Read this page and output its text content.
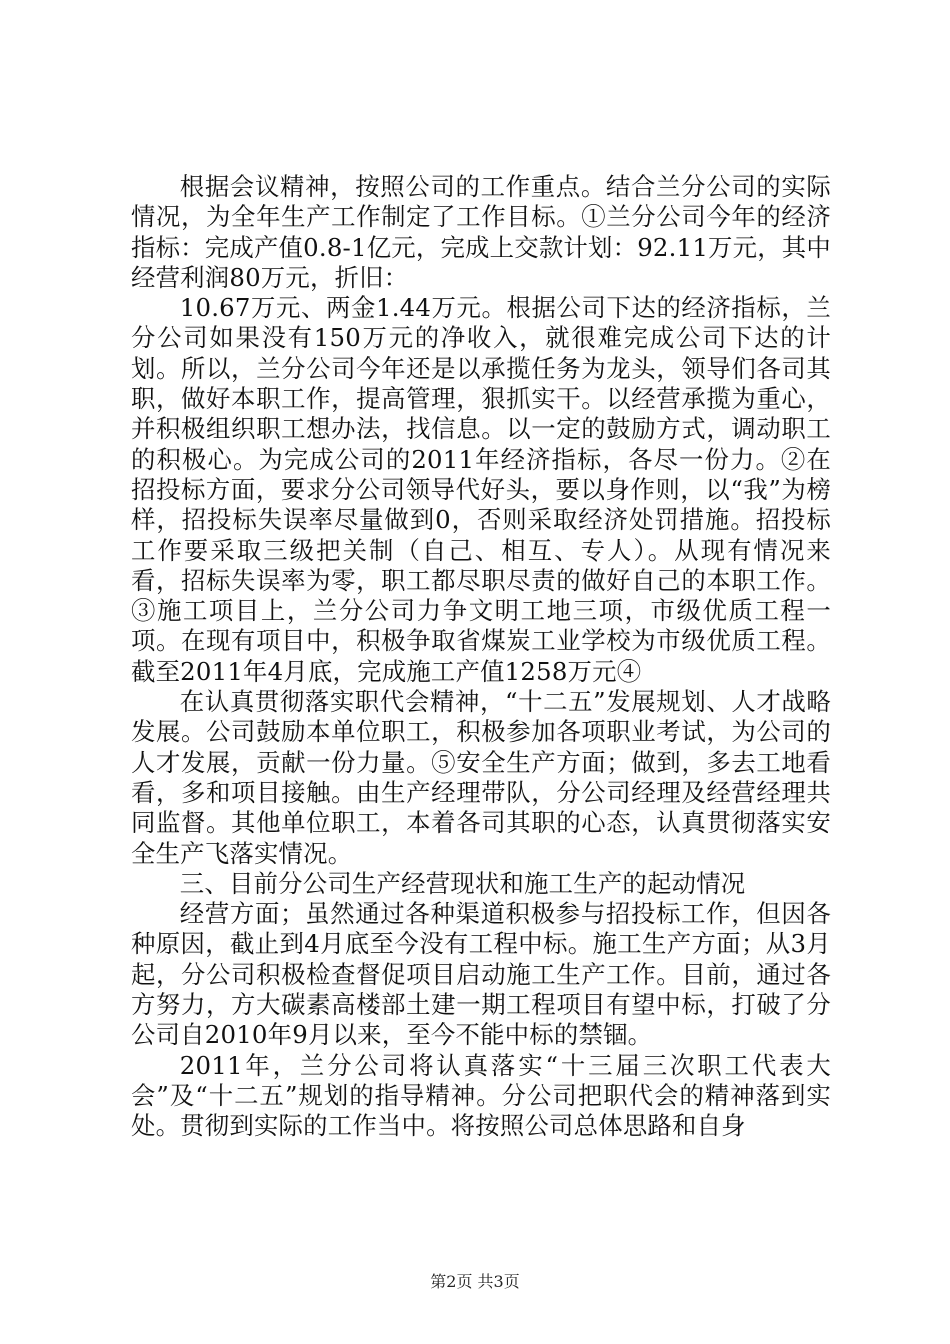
根据会议精神，按照公司的工作重点。结合兰分公司的实际情况，为全年生产工作制定了工作目标。①兰分公司今年的经济指标：完成产值0.8-1亿元，完成上交款计划：92.11万元，其中经营利润80万元，折旧：

10.67万元、两金1.44万元。根据公司下达的经济指标，兰分公司如果没有150万元的净收入，就很难完成公司下达的计划。所以，兰分公司今年还是以承揽任务为龙头，领导们各司其职，做好本职工作，提高管理，狠抓实干。以经营承揽为重心，并积极组织职工想办法，找信息。以一定的鼓励方式，调动职工的积极心。为完成公司的2011年经济指标，各尽一份力。②在招投标方面，要求分公司领导代好头，要以身作则，以“我”为榜样，招投标失误率尽量做到0，否则采取经济处罚措施。招投标工作要采取三级把关制（自己、相互、专人）。从现有情况来看，招标失误率为零，职工都尽职尽责的做好自己的本职工作。③施工项目上，兰分公司力争文明工地三项，市级优质工程一项。在现有项目中，积极争取省煤炭工业学校为市级优质工程。截至2011年4月底，完成施工产值1258万元④

在认真贯彻落实职代会精神，“十二五”发展规划、人才战略发展。公司鼓励本单位职工，积极参加各项职业考试，为公司的人才发展，贡献一份力量。⑤安全生产方面；做到，多去工地看看，多和项目接触。由生产经理带队，分公司经理及经营经理共同监督。其他单位职工，本着各司其职的心态，认真贯彻落实安全生产飞落实情况。

三、目前分公司生产经营现状和施工生产的起动情况

经营方面；虽然通过各种渠道积极参与招投标工作，但因各种原因，截止到4月底至今没有工程中标。施工生产方面；从3月起，分公司积极检查督促项目启动施工生产工作。目前，通过各方努力，方大碳素高楼部土建一期工程项目有望中标，打破了分公司自2010年9月以来，至今不能中标的禁锢。

2011年，兰分公司将认真落实“十三届三次职工代表大会”及“十二五”规划的指导精神。分公司把职代会的精神落到实处。贯彻到实际的工作当中。将按照公司总体思路和自身

第2页 共3页
